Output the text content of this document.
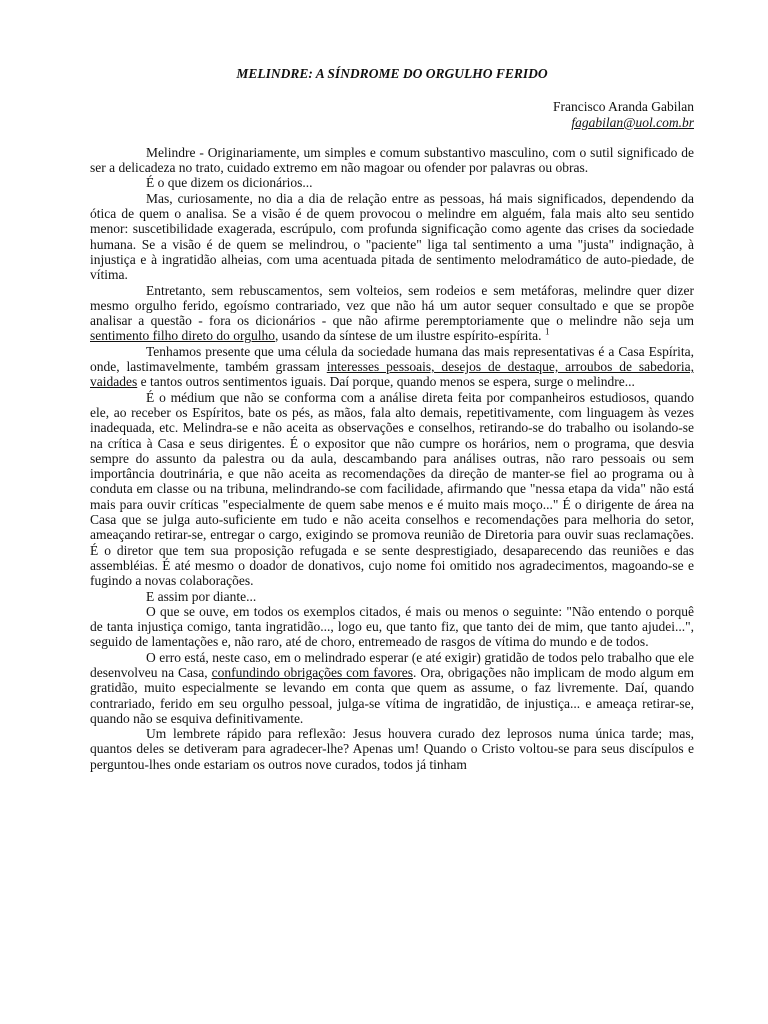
MELINDRE: A SÍNDROME DO ORGULHO FERIDO
Francisco Aranda Gabilan
fagabilan@uol.com.br

Melindre - Originariamente, um simples e comum substantivo masculino, com o sutil significado de ser a delicadeza no trato, cuidado extremo em não magoar ou ofender por palavras ou obras.

É o que dizem os dicionários...

Mas, curiosamente, no dia a dia de relação entre as pessoas, há mais significados, dependendo da ótica de quem o analisa. Se a visão é de quem provocou o melindre em alguém, fala mais alto seu sentido menor: suscetibilidade exagerada, escrúpulo, com profunda significação como agente das crises da sociedade humana. Se a visão é de quem se melindrou, o "paciente" liga tal sentimento a uma "justa" indignação, à injustiça e à ingratidão alheias, com uma acentuada pitada de sentimento melodramático de auto-piedade, de vítima.

Entretanto, sem rebuscamentos, sem volteios, sem rodeios e sem metáforas, melindre quer dizer mesmo orgulho ferido, egoísmo contrariado, vez que não há um autor sequer consultado e que se propõe analisar a questão - fora os dicionários - que não afirme peremptoriamente que o melindre não seja um sentimento filho direto do orgulho, usando da síntese de um ilustre espírito-espírita. $^1$

Tenhamos presente que uma célula da sociedade humana das mais representativas é a Casa Espírita, onde, lastimavelmente, também grassam interesses pessoais, desejos de destaque, arroubos de sabedoria, vaidades e tantos outros sentimentos iguais. Daí porque, quando menos se espera, surge o melindre...

É o médium que não se conforma com a análise direta feita por companheiros estudiosos, quando ele, ao receber os Espíritos, bate os pés, as mãos, fala alto demais, repetitivamente, com linguagem às vezes inadequada, etc. Melindra-se e não aceita as observações e conselhos, retirando-se do trabalho ou isolando-se na crítica à Casa e seus dirigentes. É o expositor que não cumpre os horários, nem o programa, que desvia sempre do assunto da palestra ou da aula, descambando para análises outras, não raro pessoais ou sem importância doutrinária, e que não aceita as recomendações da direção de manter-se fiel ao programa ou à conduta em classe ou na tribuna, melindrando-se com facilidade, afirmando que "nessa etapa da vida" não está mais para ouvir críticas "especialmente de quem sabe menos e é muito mais moço..." É o dirigente de área na Casa que se julga auto-suficiente em tudo e não aceita conselhos e recomendações para melhoria do setor, ameaçando retirar-se, entregar o cargo, exigindo se promova reunião de Diretoria para ouvir suas reclamações. É o diretor que tem sua proposição refugada e se sente desprestigiado, desaparecendo das reuniões e das assembléias. É até mesmo o doador de donativos, cujo nome foi omitido nos agradecimentos, magoando-se e fugindo a novas colaborações.

E assim por diante...

O que se ouve, em todos os exemplos citados, é mais ou menos o seguinte: "Não entendo o porquê de tanta injustiça comigo, tanta ingratidão..., logo eu, que tanto fiz, que tanto dei de mim, que tanto ajudei...", seguido de lamentações e, não raro, até de choro, entremeado de rasgos de vítima do mundo e de todos.

O erro está, neste caso, em o melindrado esperar (e até exigir) gratidão de todos pelo trabalho que ele desenvolveu na Casa, confundindo obrigações com favores. Ora, obrigações não implicam de modo algum em gratidão, muito especialmente se levando em conta que quem as assume, o faz livremente. Daí, quando contrariado, ferido em seu orgulho pessoal, julga-se vítima de ingratidão, de injustiça... e ameaça retirar-se, quando não se esquiva definitivamente.

Um lembrete rápido para reflexão: Jesus houvera curado dez leprosos numa única tarde; mas, quantos deles se detiveram para agradecer-lhe? Apenas um! Quando o Cristo voltou-se para seus discípulos e perguntou-lhes onde estariam os outros nove curados, todos já tinham
